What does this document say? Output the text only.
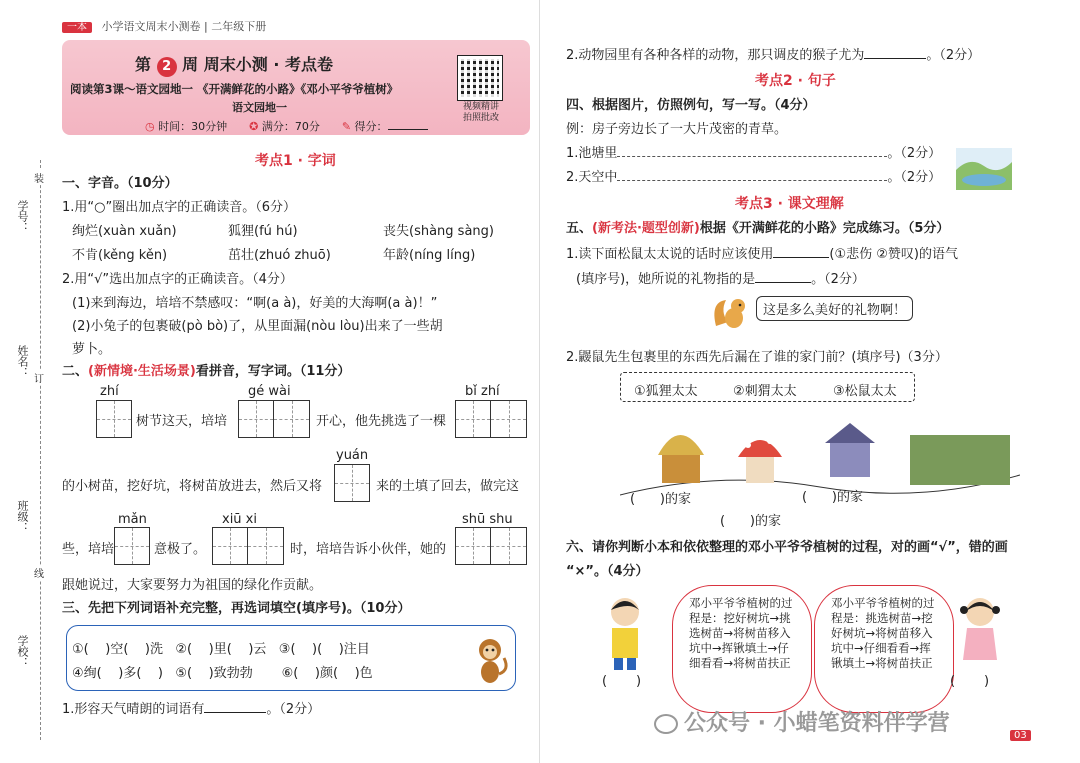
一本 小学语文周末小测卷 | 二年级下册
第 2 周 周末小测 · 考点卷
阅读第3课～语文园地一 《开满鲜花的小路》《邓小平爷爷植树》
语文园地一
◷ 时间：30分钟 ✪ 满分：70分 ✎ 得分：
视频精讲
拍照批改
学号：
姓名：
班级：
学校：
装
订
线
考点1 · 字词
一、字音。（10分）
1.用“○”圈出加点字的正确读音。（6分）
绚烂(xuàn xuǎn)	狐狸(fú hú)	丧失(shàng sàng)
不肯(kěng kěn)	茁壮(zhuó zhuō)	年龄(níng líng)
2.用“√”选出加点字的正确读音。（4分）
(1)来到海边，培培不禁感叹：“啊(a à)，好美的大海啊(a à)！”
(2)小兔子的包裹破(pò bò)了，从里面漏(nòu lòu)出来了一些胡
萝卜。
二、(新情境·生活场景)看拼音，写字词。（11分）
zhí	gé wài	bǐ zhí
树节这天，培培	开心，他先挑选了一棵
yuán
的小树苗，挖好坑，将树苗放进去，然后又将	来的土填了回去，做完这
mǎn	xiū xi	shū shu
些，培培	意极了。	时，培培告诉小伙伴，她的
跟她说过，大家要努力为祖国的绿化作贡献。
三、先把下列词语补充完整，再选词填空(填序号)。（10分）
①(    )空(    )洗   ②(    )里(    )云   ③(    )(    )注目
④绚(    )多(    )   ⑤(    )致勃勃       ⑥(    )颜(    )色
1.形容天气晴朗的词语有	。（2分）
2.动物园里有各种各样的动物，那只调皮的猴子尤为	。（2分）
考点2 · 句子
四、根据图片，仿照例句，写一写。（4分）
例：房子旁边长了一大片茂密的青草。
1.池塘里	。（2分）
2.天空中	。（2分）
考点3 · 课文理解
五、(新考法·题型创新)根据《开满鲜花的小路》完成练习。（5分）
1.读下面松鼠太太说的话时应该使用	(①悲伤 ②赞叹)的语气
(填序号)，她所说的礼物指的是	。（2分）
这是多么美好的礼物啊！
2.鼹鼠先生包裹里的东西先后漏在了谁的家门前？(填序号)（3分）
①狐狸太太	②刺猬太太	③松鼠太太
(      )的家	(      )的家
(      )的家
六、请你判断小本和依依整理的邓小平爷爷植树的过程，对的画“√”，错的画
“×”。（4分）
邓小平爷爷植树的过程是：挖好树坑→挑选树苗→将树苗移入坑中→挥锹填土→仔细看看→将树苗扶正
邓小平爷爷植树的过程是：挑选树苗→挖好树坑→将树苗移入坑中→仔细看看→挥锹填土→将树苗扶正
(       )	(       )
公众号 · 小蜡笔资料伴学营	03
